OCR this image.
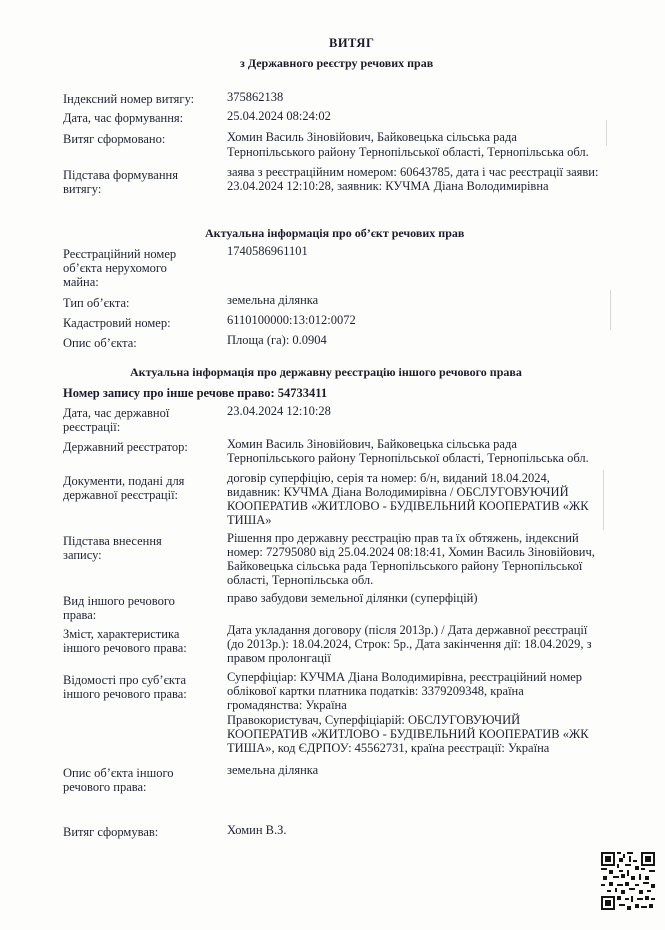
ВИТЯГ
з Державного реєстру речових прав
Індексний номер витягу:	375862138
Дата, час формування:	25.04.2024 08:24:02
Витяг сформовано:	Хомин Василь Зіновійович, Байковецька сільська рада
Тернопільського району Тернопільської області, Тернопільська обл.
Підстава формування
витягу:
заява з реєстраційним номером: 60643785, дата і час реєстрації заяви:
23.04.2024 12:10:28, заявник: КУЧМА Діана Володимирівна
Актуальна інформація про об’єкт речових прав
Реєстраційний номер
об’єкта нерухомого
майна:
1740586961101
Тип об’єкта:	земельна ділянка
Кадастровий номер:	6110100000:13:012:0072
Опис об’єкта:	Площа (га): 0.0904
Актуальна інформація про державну реєстрацію іншого речового права
Номер запису про інше речове право: 54733411
Дата, час державної
реєстрації:
23.04.2024 12:10:28
Державний реєстратор:	Хомин Василь Зіновійович, Байковецька сільська рада
Тернопільського району Тернопільської області, Тернопільська обл.
Документи, подані для
державної реєстрації:
договір суперфіцію, серія та номер: б/н, виданий 18.04.2024,
видавник: КУЧМА Діана Володимирівна / ОБСЛУГОВУЮЧИЙ
КООПЕРАТИВ «ЖИТЛОВО - БУДІВЕЛЬНИЙ КООПЕРАТИВ «ЖК
ТИША»
Підстава внесення
запису:
Рішення про державну реєстрацію прав та їх обтяжень, індексний
номер: 72795080 від 25.04.2024 08:18:41, Хомин Василь Зіновійович,
Байковецька сільська рада Тернопільського району Тернопільської
області, Тернопільська обл.
Вид іншого речового
права:
право забудови земельної ділянки (суперфіцій)
Зміст, характеристика
іншого речового права:
Дата укладання договору (після 2013р.) / Дата державної реєстрації
(до 2013р.): 18.04.2024, Строк: 5р., Дата закінчення дії: 18.04.2029, з
правом пролонгації
Відомості про суб’єкта
іншого речового права:
Суперфіціар: КУЧМА Діана Володимирівна, реєстраційний номер
облікової картки платника податків: 3379209348, країна
громадянства: Україна
Правокористувач, Суперфіціарій: ОБСЛУГОВУЮЧИЙ
КООПЕРАТИВ «ЖИТЛОВО - БУДІВЕЛЬНИЙ КООПЕРАТИВ «ЖК
ТИША», код ЄДРПОУ: 45562731, країна реєстрації: Україна
Опис об’єкта іншого
речового права:
земельна ділянка
Витяг сформував:	Хомин В.З.
